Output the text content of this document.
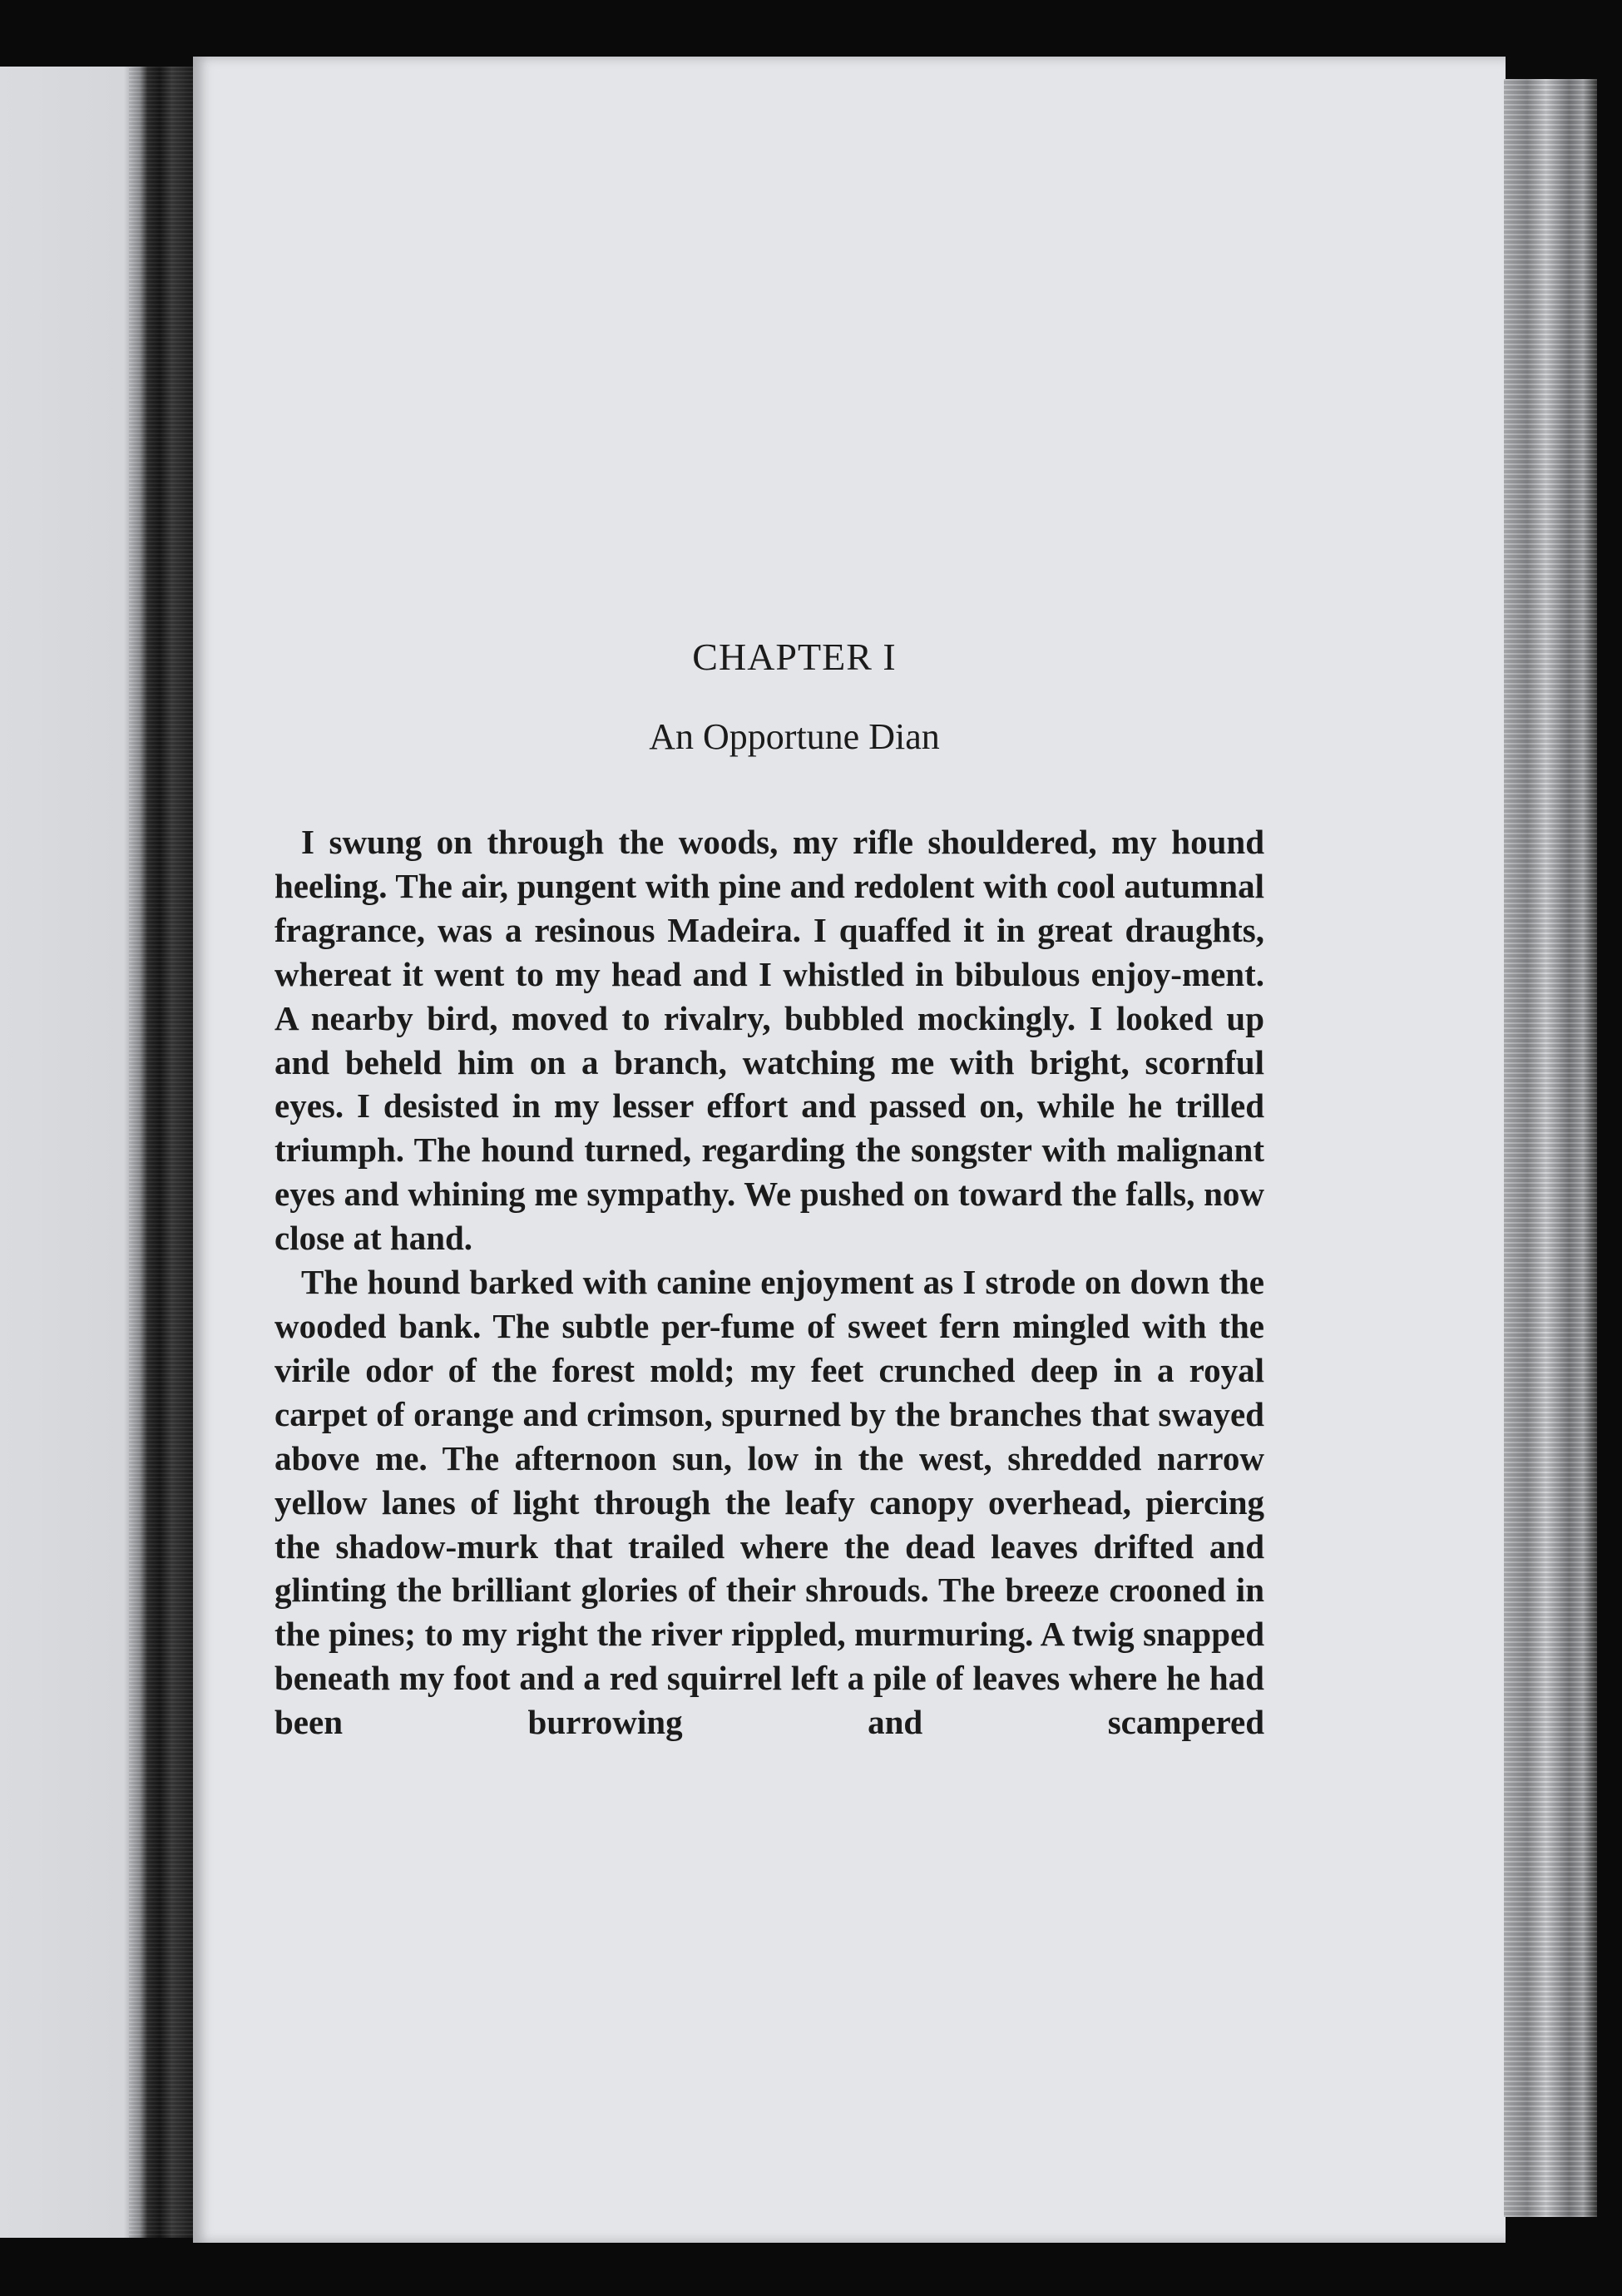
CHAPTER I
An Opportune Dian

I swung on through the woods, my rifle shouldered, my hound heeling. The air, pungent with pine and redolent with cool autumnal fragrance, was a resinous Madeira. I quaffed it in great draughts, whereat it went to my head and I whistled in bibulous enjoy-ment. A nearby bird, moved to rivalry, bubbled mockingly. I looked up and beheld him on a branch, watching me with bright, scornful eyes. I desisted in my lesser effort and passed on, while he trilled triumph. The hound turned, regarding the songster with malignant eyes and whining me sympathy. We pushed on toward the falls, now close at hand.

The hound barked with canine enjoyment as I strode on down the wooded bank. The subtle per-fume of sweet fern mingled with the virile odor of the forest mold; my feet crunched deep in a royal carpet of orange and crimson, spurned by the branches that swayed above me. The afternoon sun, low in the west, shredded narrow yellow lanes of light through the leafy canopy overhead, piercing the shadow-murk that trailed where the dead leaves drifted and glinting the brilliant glories of their shrouds. The breeze crooned in the pines; to my right the river rippled, murmuring. A twig snapped beneath my foot and a red squirrel left a pile of leaves where he had been burrowing and scampered
